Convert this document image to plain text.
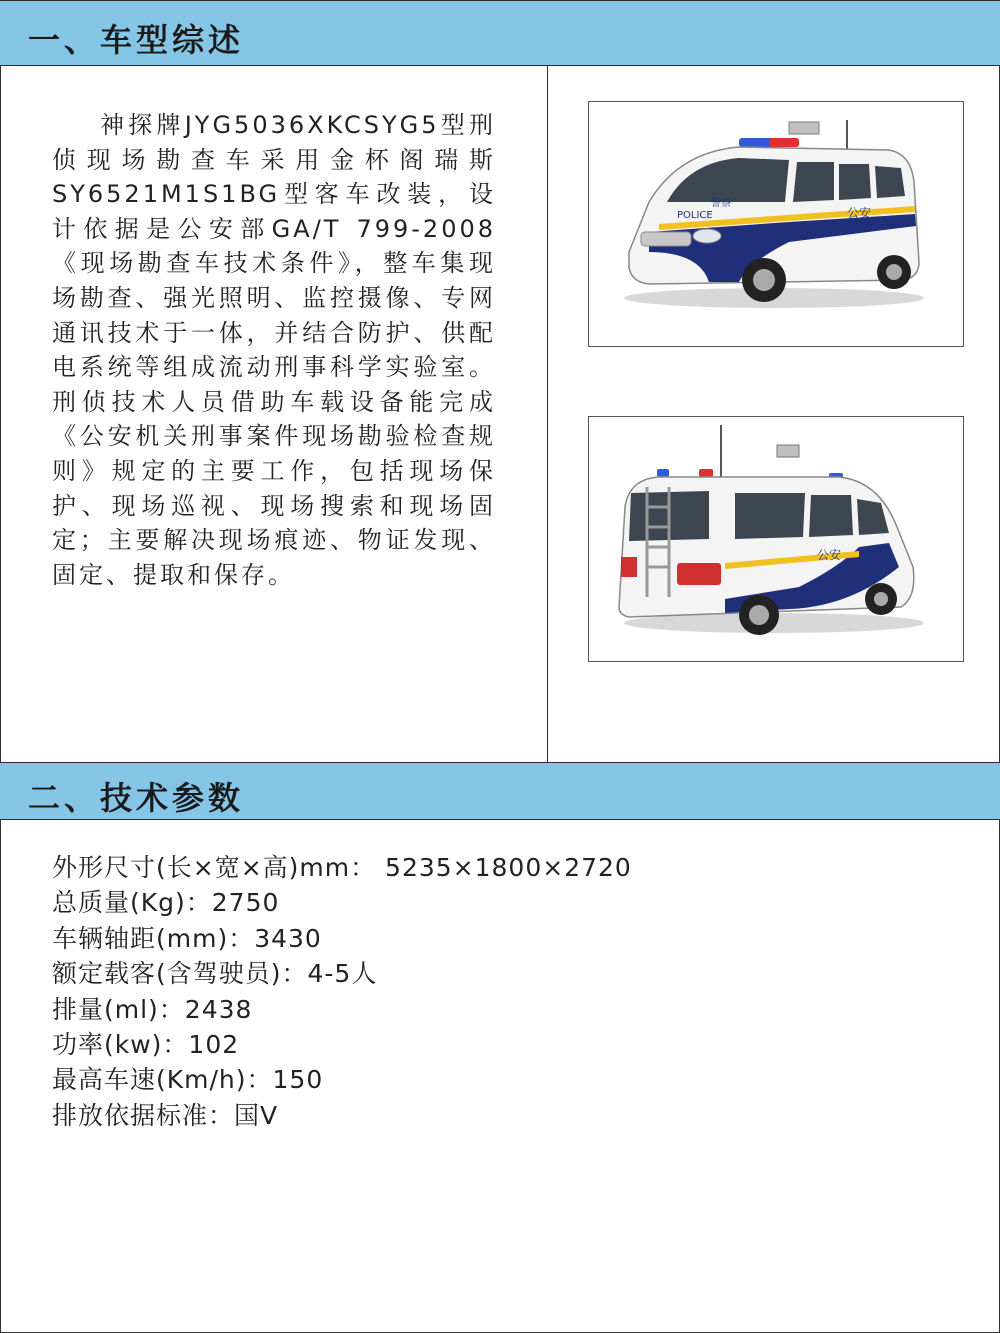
一、车型综述
神探牌JYG5036XKCSYG5型刑侦现场勘查车采用金杯阁瑞斯SY6521M1S1BG型客车改装，设计依据是公安部GA/T 799-2008《现场勘查车技术条件》，整车集现场勘查、强光照明、监控摄像、专网通讯技术于一体，并结合防护、供配电系统等组成流动刑事科学实验室。刑侦技术人员借助车载设备能完成《公安机关刑事案件现场勘验检查规则》规定的主要工作，包括现场保护、现场巡视、现场搜索和现场固定；主要解决现场痕迹、物证发现、固定、提取和保存。
POLICE
警察
公安
公安
二、技术参数
外形尺寸(长×宽×高)mm： 5235×1800×2720
总质量(Kg)：2750
车辆轴距(mm)：3430
额定载客(含驾驶员)：4-5人
排量(ml)：2438
功率(kw)：102
最高车速(Km/h)：150
排放依据标准：国Ⅴ
